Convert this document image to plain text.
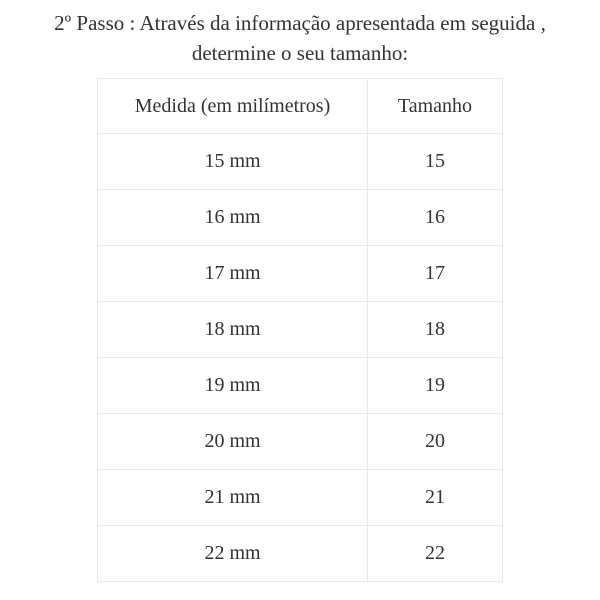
2º Passo : Através da informação apresentada em seguida ,
determine o seu tamanho:
Medida (em milímetros)	Tamanho
15 mm	15
16 mm	16
17 mm	17
18 mm	18
19 mm	19
20 mm	20
21 mm	21
22 mm	22
